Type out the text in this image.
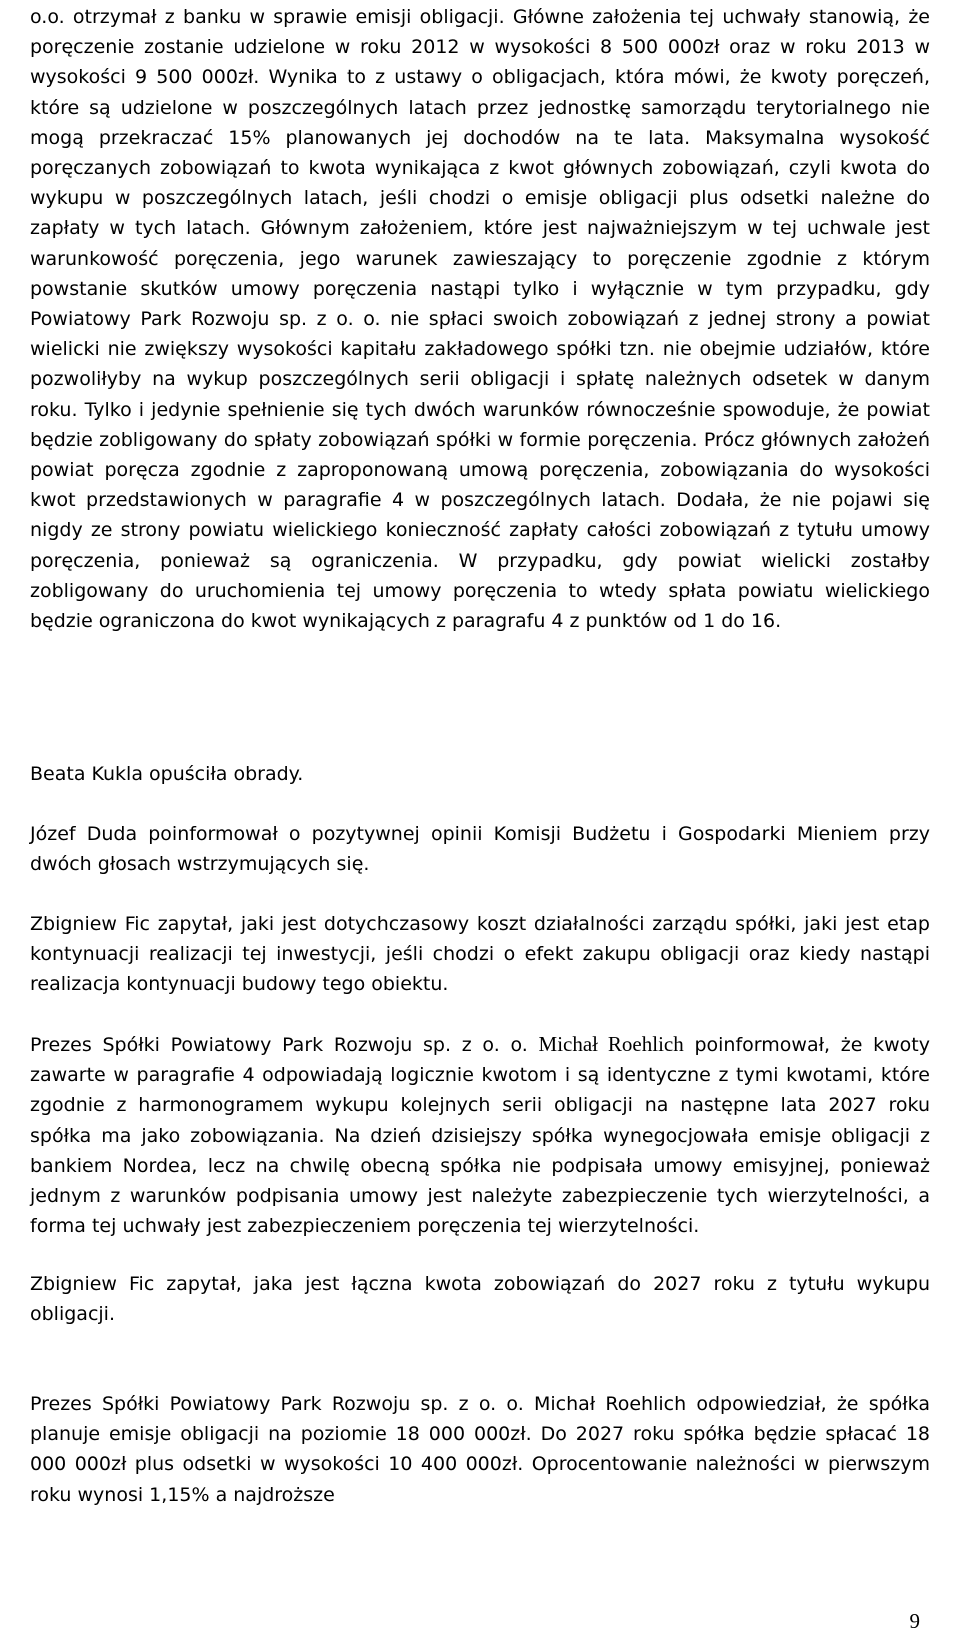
o.o. otrzymał z banku w sprawie emisji obligacji. Główne założenia tej uchwały stanowią, że poręczenie zostanie udzielone w roku 2012 w wysokości 8 500 000zł oraz w roku 2013 w wysokości 9 500 000zł. Wynika to z ustawy o obligacjach, która mówi, że kwoty poręczeń, które są udzielone w poszczególnych latach przez jednostkę samorządu terytorialnego nie mogą przekraczać 15% planowanych jej dochodów na te lata. Maksymalna wysokość poręczanych zobowiązań to kwota wynikająca z kwot głównych zobowiązań, czyli kwota do wykupu w poszczególnych latach, jeśli chodzi o emisje obligacji plus odsetki należne do zapłaty w tych latach. Głównym założeniem, które jest najważniejszym w tej uchwale jest warunkowość poręczenia, jego warunek zawieszający to poręczenie zgodnie z którym powstanie skutków umowy poręczenia nastąpi tylko i wyłącznie w tym przypadku, gdy Powiatowy Park Rozwoju sp. z o. o. nie spłaci swoich zobowiązań z jednej strony a powiat wielicki nie zwiększy wysokości kapitału zakładowego spółki tzn. nie obejmie udziałów, które pozwoliłyby na wykup poszczególnych serii obligacji i spłatę należnych odsetek w danym roku. Tylko i jedynie spełnienie się tych dwóch warunków równocześnie spowoduje, że powiat będzie zobligowany do spłaty zobowiązań spółki w formie poręczenia. Prócz głównych założeń powiat poręcza zgodnie z zaproponowaną umową poręczenia, zobowiązania do wysokości kwot przedstawionych w paragrafie 4 w poszczególnych latach. Dodała, że nie pojawi się nigdy ze strony powiatu wielickiego konieczność zapłaty całości zobowiązań z tytułu umowy poręczenia, ponieważ są ograniczenia. W przypadku, gdy powiat wielicki zostałby zobligowany do uruchomienia tej umowy poręczenia to wtedy spłata powiatu wielickiego będzie ograniczona do kwot wynikających z paragrafu 4 z punktów od 1 do 16.

Beata Kukla opuściła obrady.

Józef Duda poinformował o pozytywnej opinii Komisji Budżetu i Gospodarki Mieniem przy dwóch głosach wstrzymujących się.

Zbigniew Fic zapytał, jaki jest dotychczasowy koszt działalności zarządu spółki, jaki jest etap kontynuacji realizacji tej inwestycji, jeśli chodzi o efekt zakupu obligacji oraz kiedy nastąpi realizacja kontynuacji budowy tego obiektu.

Prezes Spółki Powiatowy Park Rozwoju sp. z o. o. Michał Roehlich poinformował, że kwoty zawarte w paragrafie 4 odpowiadają logicznie kwotom i są identyczne z tymi kwotami, które zgodnie z harmonogramem wykupu kolejnych serii obligacji na następne lata 2027 roku spółka ma jako zobowiązania. Na dzień dzisiejszy spółka wynegocjowała emisje obligacji z bankiem Nordea, lecz na chwilę obecną spółka nie podpisała umowy emisyjnej, ponieważ jednym z warunków podpisania umowy jest należyte zabezpieczenie tych wierzytelności, a forma tej uchwały jest zabezpieczeniem poręczenia tej wierzytelności.

Zbigniew Fic zapytał, jaka jest łączna kwota zobowiązań do 2027 roku z tytułu wykupu obligacji.

Prezes Spółki Powiatowy Park Rozwoju sp. z o. o. Michał Roehlich odpowiedział, że spółka planuje emisje obligacji na poziomie 18 000 000zł. Do 2027 roku spółka będzie spłacać 18 000 000zł plus odsetki w wysokości 10 400 000zł. Oprocentowanie należności w pierwszym roku wynosi 1,15% a najdroższe

9
